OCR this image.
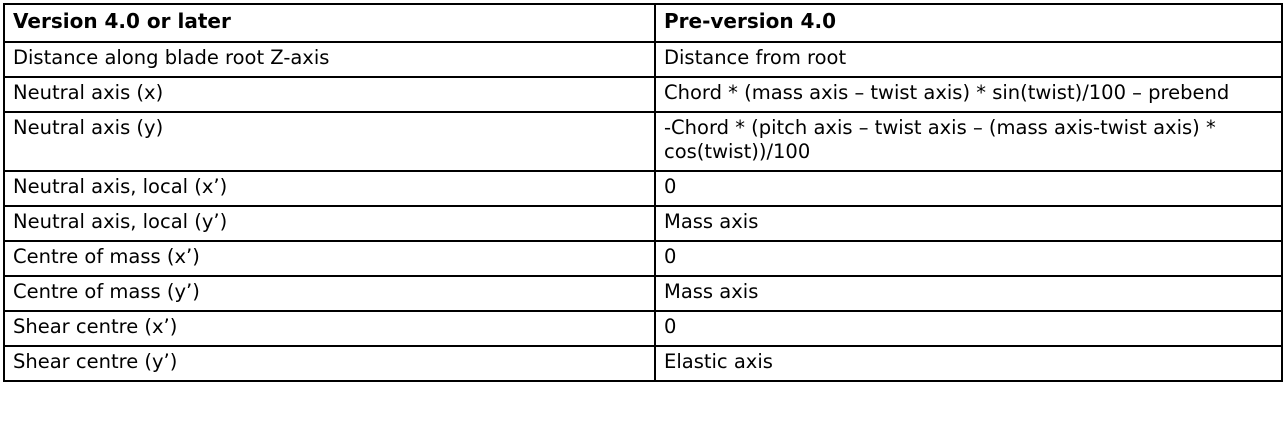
Version 4.0 or later	Pre-version 4.0

Distance along blade root Z-axis	Distance from root

Neutral axis (x)	Chord * (mass axis – twist axis) * sin(twist)/100 – prebend

Neutral axis (y)	-Chord * (pitch axis – twist axis – (mass axis-twist axis) * cos(twist))/100

Neutral axis, local (x’)	0

Neutral axis, local (y’)	Mass axis

Centre of mass (x’)	0

Centre of mass (y’)	Mass axis

Shear centre (x’)	0

Shear centre (y’)	Elastic axis
